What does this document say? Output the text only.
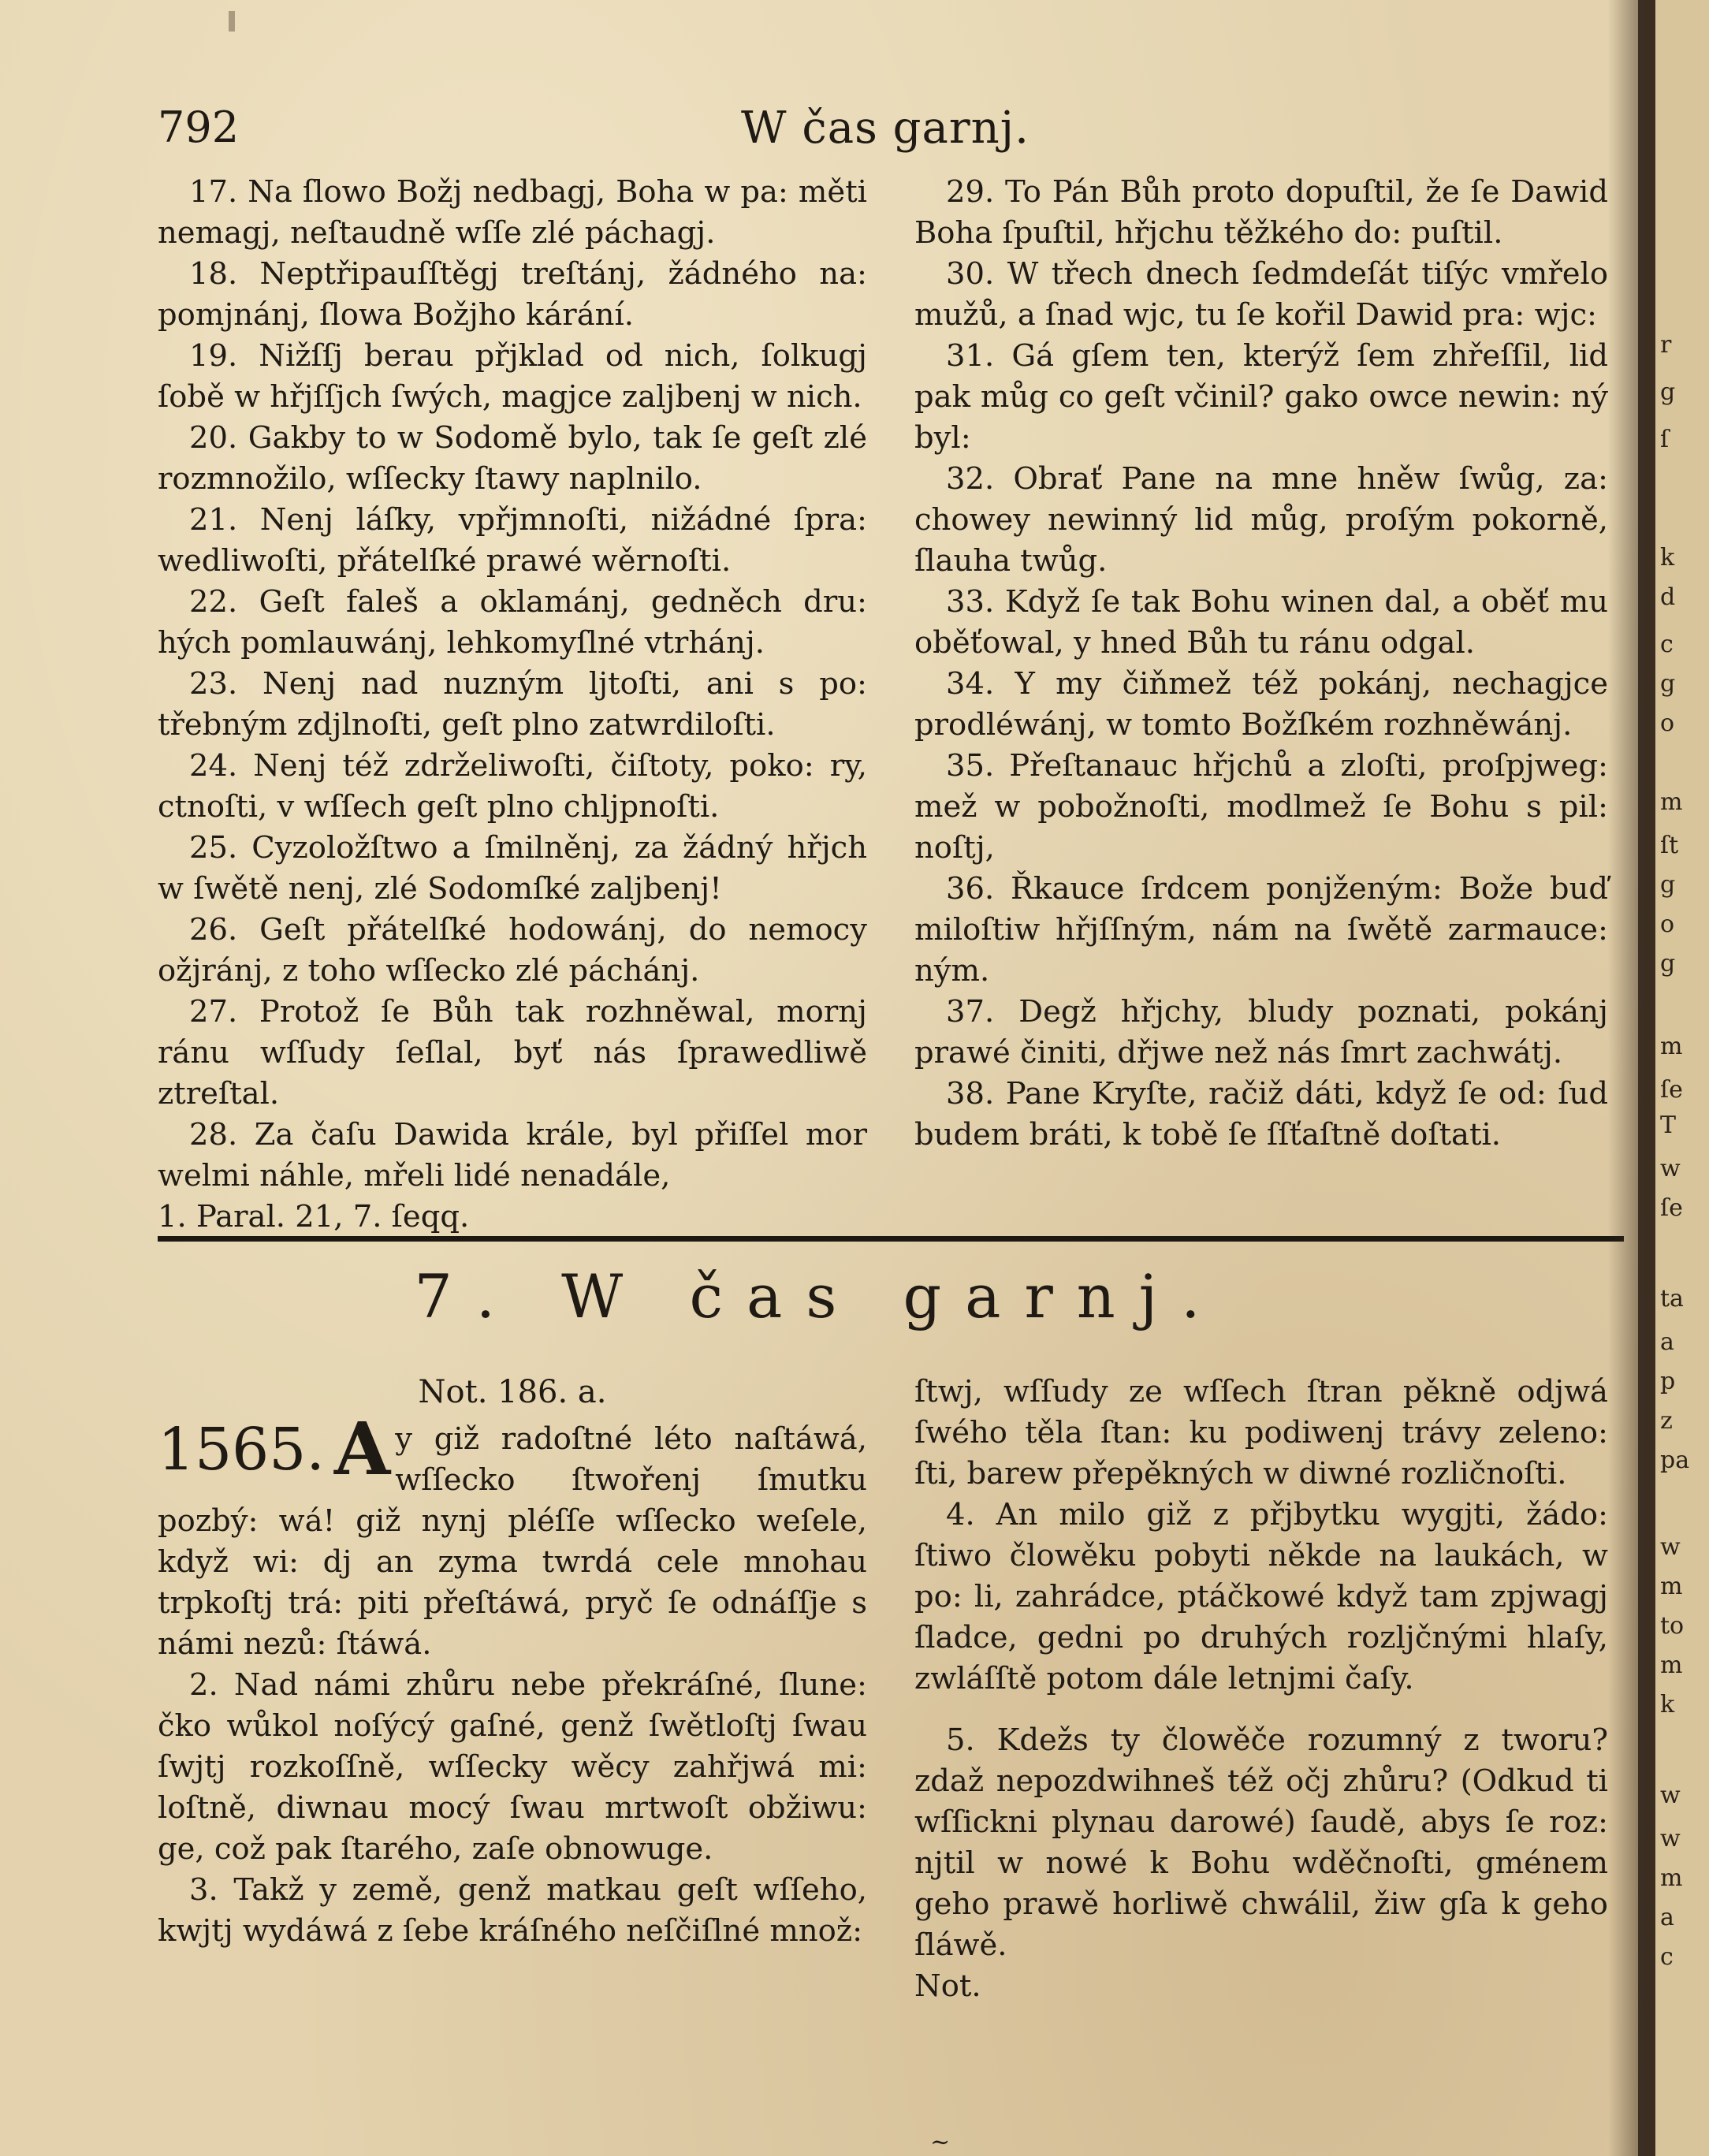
792	W čas garnj.

17. Na ſlowo Božj nedbagj, Boha w pa: měti nemagj, neſtaudně wſſe zlé páchagj.

18. Neptřipauſſtěgj treſtánj, žádného na: pomjnánj, ſlowa Božjho kárání.

19. Nižſſj berau přjklad od nich, ſolkugj ſobě w hřjſſjch ſwých, magjce zaljbenj w nich.

20. Gakby to w Sodomě bylo, tak ſe geſt zlé rozmnožilo, wſſecky ſtawy naplnilo.

21. Nenj láſky, vpřjmnoſti, nižádné ſpra: wedliwoſti, přátelſké prawé wěrnoſti.

22. Geſt faleš a oklamánj, gedněch dru: hých pomlauwánj, lehkomyſlné vtrhánj.

23. Nenj nad nuzným ljtoſti, ani s po: třebným zdjlnoſti, geſt plno zatwrdiloſti.

24. Nenj též zdrželiwoſti, čiſtoty, poko: ry, ctnoſti, v wſſech geſt plno chljpnoſti.

25. Cyzoložſtwo a ſmilněnj, za žádný hřjch w ſwětě nenj, zlé Sodomſké zaljbenj!

26. Geſt přátelſké hodowánj, do nemocy ožjránj, z toho wſſecko zlé páchánj.

27. Protož ſe Bůh tak rozhněwal, mornj ránu wſſudy ſeſlal, byť nás ſprawedliwě ztreſtal.

28. Za čaſu Dawida krále, byl přiſſel mor welmi náhle, mřeli lidé nenadále,

1. Paral. 21, 7. ſeqq.

29. To Pán Bůh proto dopuſtil, že ſe Dawid Boha ſpuſtil, hřjchu těžkého do: puſtil.

30. W třech dnech ſedmdeſát tiſýc vmřelo mužů, a ſnad wjc, tu ſe kořil Dawid pra: wjc:

31. Gá gſem ten, kterýž ſem zhřeſſil, lid pak můg co geſt včinil? gako owce newin: ný byl:

32. Obrať Pane na mne hněw ſwůg, za: chowey newinný lid můg, proſým pokorně, ſlauha twůg.

33. Když ſe tak Bohu winen dal, a oběť mu oběťowal, y hned Bůh tu ránu odgal.

34. Y my čiňmež též pokánj, nechagjce prodléwánj, w tomto Božſkém rozhněwánj.

35. Přeſtanauc hřjchů a zloſti, proſpjweg: mež w pobožnoſti, modlmež ſe Bohu s pil: noſtj,

36. Řkauce ſrdcem ponjženým: Bože buď miloſtiw hřjſſným, nám na ſwětě zarmauce: ným.

37. Degž hřjchy, bludy poznati, pokánj prawé činiti, dřjwe než nás ſmrt zachwátj.

38. Pane Kryſte, račiž dáti, když ſe od: ſud budem bráti, k tobě ſe ſſťaſtně doſtati.

7. W čas garnj.
Not. 186. a.
1565. A y giž radoſtné léto naſtáwá, wſſecko ſtwořenj ſmutku pozbý: wá! giž nynj pléſſe wſſecko weſele, když wi: dj an zyma twrdá cele mnohau trpkoſtj trá: piti přeſtáwá, pryč ſe odnáſſje s námi nezů: ſtáwá.

2. Nad námi zhůru nebe překráſné, ſlune: čko wůkol noſýcý gaſné, genž ſwětloſtj ſwau ſwjtj rozkoſſně, wſſecky wěcy zahřjwá mi: loſtně, diwnau mocý ſwau mrtwoſt obžiwu: ge, což pak ſtarého, zaſe obnowuge.

3. Takž y země, genž matkau geſt wſſeho, kwjtj wydáwá z ſebe kráſného neſčiſlné množ:

ſtwj, wſſudy ze wſſech ſtran pěkně odjwá ſwého těla ſtan: ku podiwenj trávy zeleno: ſti, barew přepěkných w diwné rozličnoſti.

4. An milo giž z přjbytku wygjti, žádo: ſtiwo člowěku pobyti někde na laukách, w po: li, zahrádce, ptáčkowé když tam zpjwagj ſladce, gedni po druhých rozljčnými hlaſy, zwláſſtě potom dále letnjmi čaſy.

5. Kdežs ty člowěče rozumný z tworu? zdaž nepozdwihneš též očj zhůru? (Odkud ti wſſickni plynau darowé) ſaudě, abys ſe roz: njtil w nowé k Bohu wděčnoſti, gménem geho prawě horliwě chwálil, žiw gſa k geho ſláwě.

Not.

~
r
g
ſ
k
d
c
g
o
m
ſt
g
o
g
m
ſe
T
w
ſe
ta
a
p
z
pa
w
m
to
m
k
w
w
m
a
c
